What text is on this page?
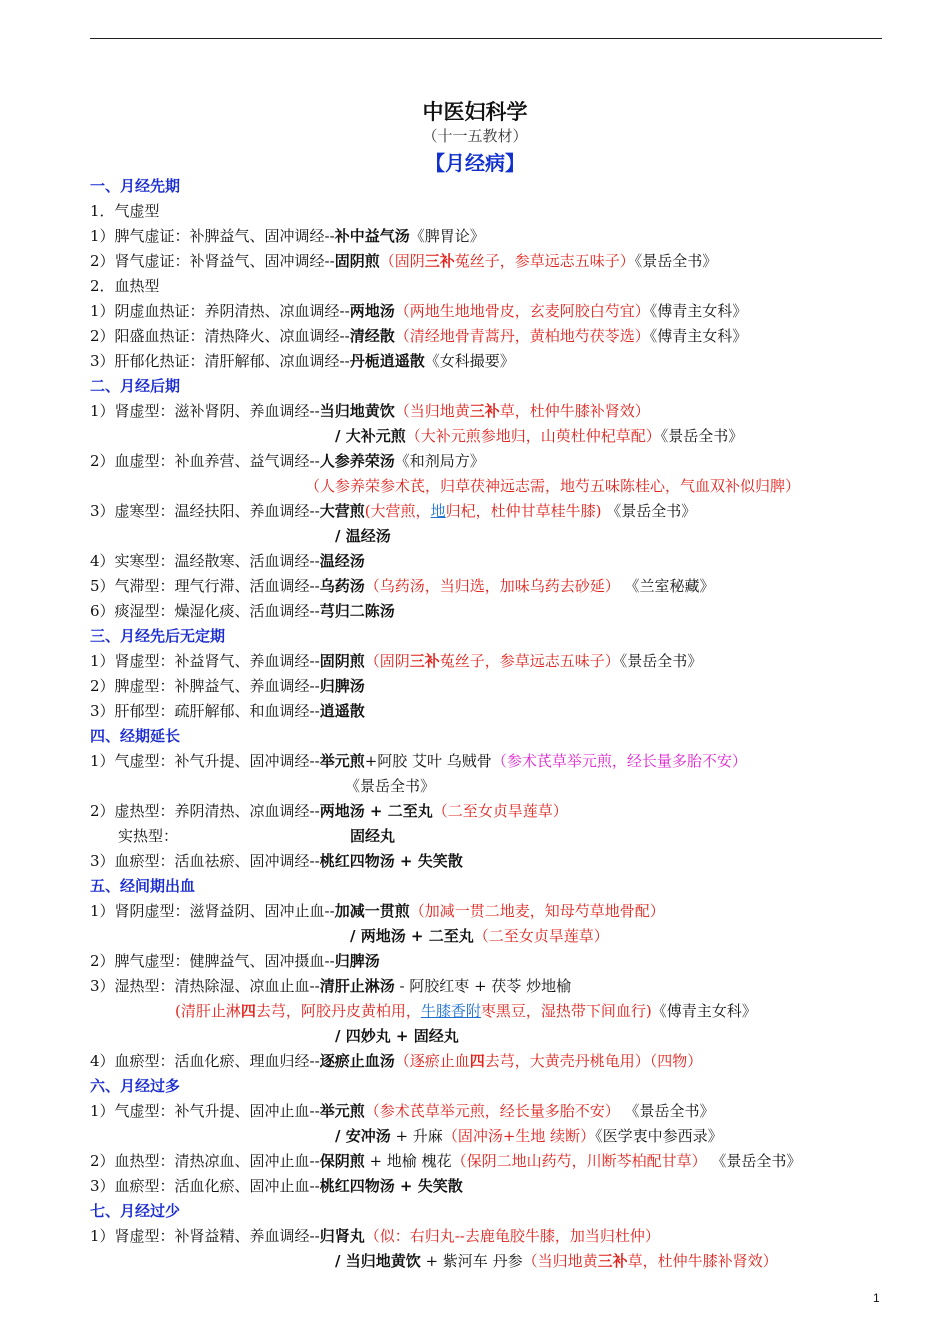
中医妇科学
（十一五教材）
【月经病】
一、月经先期
1．气虚型
1）脾气虚证：补脾益气、固冲调经--补中益气汤《脾胃论》
2）肾气虚证：补肾益气、固冲调经--固阴煎（固阴三补菟丝子，参草远志五味子）《景岳全书》
2．血热型
1）阴虚血热证：养阴清热、凉血调经--两地汤（两地生地地骨皮，玄麦阿胶白芍宜）《傅青主女科》
2）阳盛血热证：清热降火、凉血调经--清经散（清经地骨青蒿丹，黄柏地芍茯苓选）《傅青主女科》
3）肝郁化热证：清肝解郁、凉血调经--丹栀逍遥散《女科撮要》
二、月经后期
1）肾虚型：滋补肾阴、养血调经--当归地黄饮（当归地黄三补草，杜仲牛膝补肾效）
/ 大补元煎（大补元煎参地归，山萸杜仲杞草配）《景岳全书》
2）血虚型：补血养营、益气调经--人参养荣汤《和剂局方》
（人参养荣参术芪，归草茯神远志需，地芍五味陈桂心，气血双补似归脾）
3）虚寒型：温经扶阳、养血调经--大营煎(大营煎，地归杞，杜仲甘草桂牛膝) 《景岳全书》
/ 温经汤
4）实寒型：温经散寒、活血调经--温经汤
5）气滞型：理气行滞、活血调经--乌药汤（乌药汤，当归选，加味乌药去砂延） 《兰室秘藏》
6）痰湿型：燥湿化痰、活血调经--芎归二陈汤
三、月经先后无定期
1）肾虚型：补益肾气、养血调经--固阴煎（固阴三补菟丝子，参草远志五味子）《景岳全书》
2）脾虚型：补脾益气、养血调经--归脾汤
3）肝郁型：疏肝解郁、和血调经--逍遥散
四、经期延长
1）气虚型：补气升提、固冲调经--举元煎+阿胶 艾叶 乌贼骨（参术芪草举元煎，经长量多胎不安）
《景岳全书》
2）虚热型：养阴清热、凉血调经--两地汤 + 二至丸（二至女贞旱莲草）
实热型：	固经丸
3）血瘀型：活血祛瘀、固冲调经--桃红四物汤 + 失笑散
五、经间期出血
1）肾阴虚型：滋肾益阴、固冲止血--加减一贯煎（加减一贯二地麦，知母芍草地骨配）
/ 两地汤 + 二至丸（二至女贞旱莲草）
2）脾气虚型：健脾益气、固冲摄血--归脾汤
3）湿热型：清热除湿、凉血止血--清肝止淋汤 - 阿胶红枣 + 茯苓 炒地榆
(清肝止淋四去芎，阿胶丹皮黄柏用，牛膝香附枣黑豆，湿热带下间血行)《傅青主女科》
/ 四妙丸 + 固经丸
4）血瘀型：活血化瘀、理血归经--逐瘀止血汤（逐瘀止血四去芎，大黄壳丹桃龟用）（四物）
六、月经过多
1）气虚型：补气升提、固冲止血--举元煎（参术芪草举元煎，经长量多胎不安） 《景岳全书》
/ 安冲汤 + 升麻（固冲汤+生地 续断）《医学衷中参西录》
2）血热型：清热凉血、固冲止血--保阴煎 + 地榆 槐花（保阴二地山药芍，川断芩柏配甘草） 《景岳全书》
3）血瘀型：活血化瘀、固冲止血--桃红四物汤 + 失笑散
七、月经过少
1）肾虚型：补肾益精、养血调经--归肾丸（似：右归丸--去鹿龟胶牛膝，加当归杜仲）
/ 当归地黄饮 + 紫河车 丹参（当归地黄三补草，杜仲牛膝补肾效）
1
